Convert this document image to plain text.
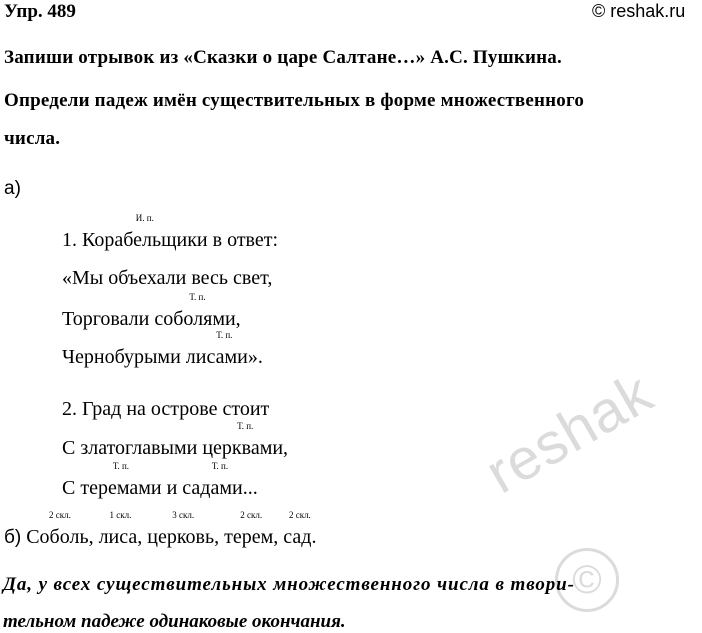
Упр. 489	© reshak.ru
Запиши отрывок из «Сказки о царе Салтане…» А.С. Пушкина.
Определи падеж имён существительных в форме множественного
числа.
а)
1.
И. п.
Корабельщики в ответ:
«Мы объехали весь свет,
Торговали
Т. п.
соболями,
Чернобурыми
Т. п.
лисами».
2. Град на острове стоит
С златоглавыми
Т. п.
церквами,
С
Т. п.
теремами и
Т. п.
садами...
б)
2 скл.
Соболь,
1 скл.
лиса,
3 скл.
церковь,
2 скл.
терем,
2 скл.
сад.
Да, у всех существительных множественного числа в твори-
тельном падеже одинаковые окончания.
reshak
©
